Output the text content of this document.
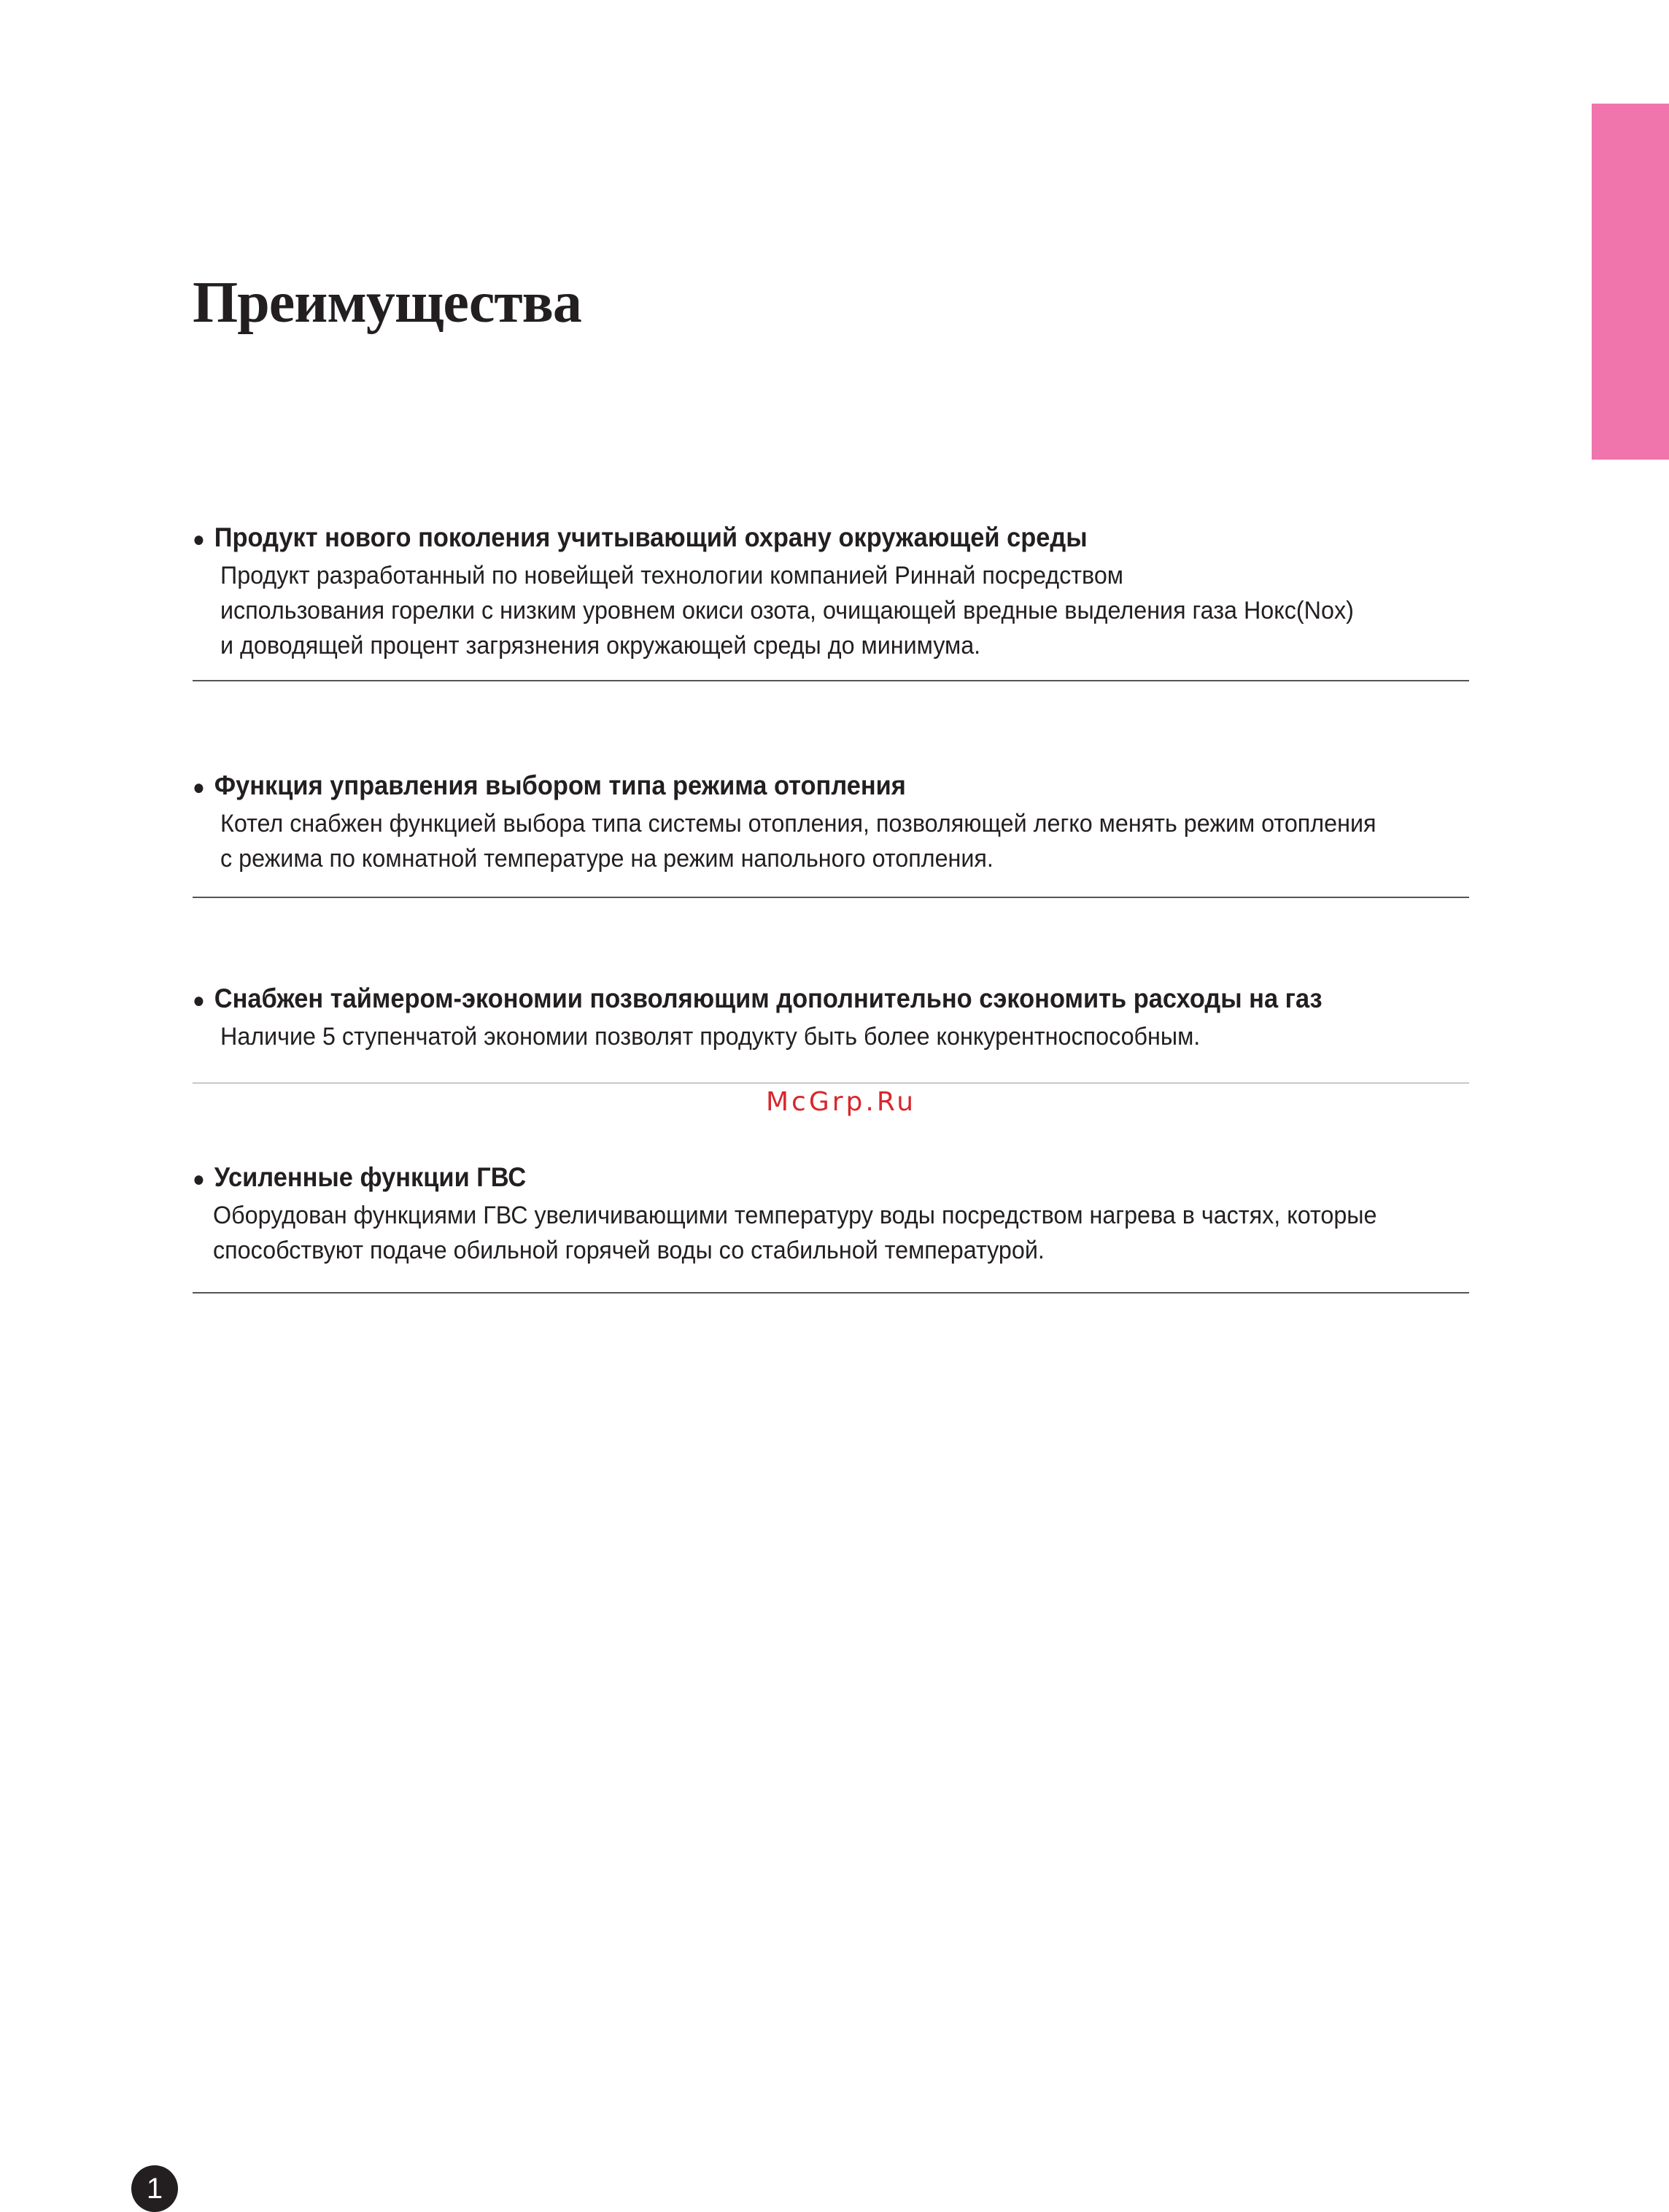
Преимущества
● Продукт нового поколения учитывающий охрану окружающей среды
Продукт разработанный по новейщей технологии компанией Риннай посредством
использования горелки с низким уровнем окиси озота, очищающей вредные выделения газа Нокс(Nox)
и доводящей процент загрязнения окружающей среды до минимума.
● Функция управления выбором типа режима отопления
Котел снабжен функцией выбора типа системы отопления, позволяющей легко менять режим отопления
с режима по комнатной температуре на режим напольного отопления.
● Снабжен таймером-экономии позволяющим дополнительно сэкономить расходы на газ
Наличие 5 ступенчатой экономии позволят продукту быть более конкурентноспособным.
McGrp.Ru
● Усиленные функции ГВС
Оборудован функциями ГВС увеличивающими температуру воды посредством нагрева в частях, которые
способствуют подаче обильной горячей воды со стабильной температурой.
1
